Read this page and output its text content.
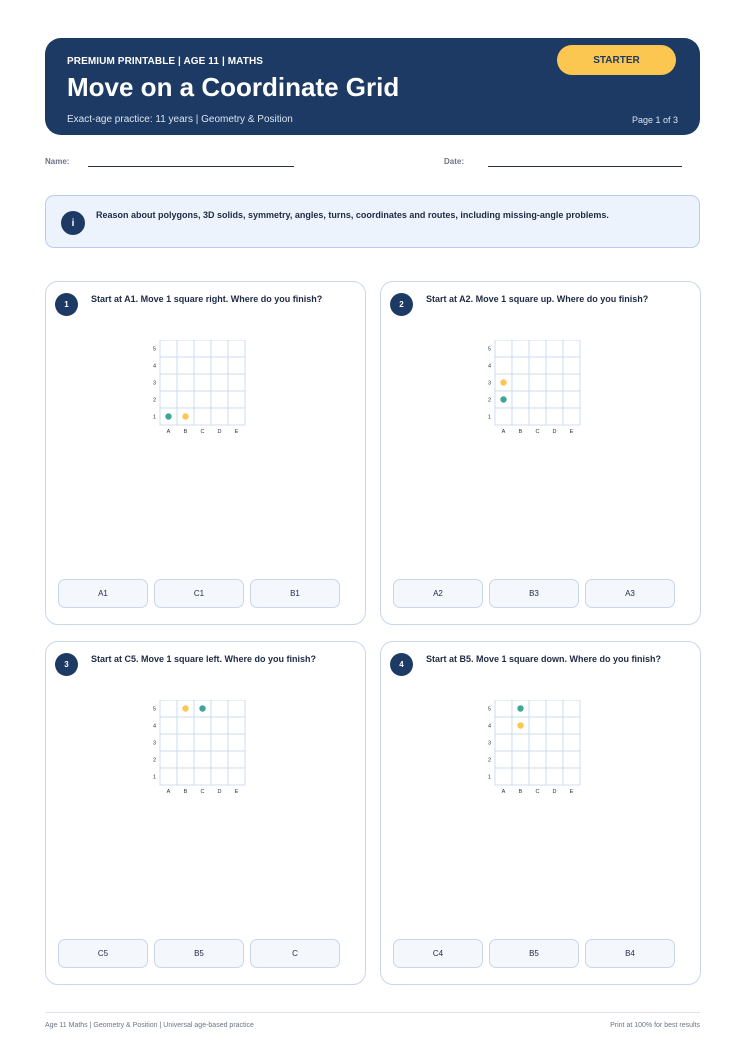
PREMIUM PRINTABLE | AGE 11 | MATHS
Move on a Coordinate Grid
Exact-age practice: 11 years | Geometry & Position	Page 1 of 3
STARTER
Name:	Date:
i
Reason about polygons, 3D solids, symmetry, angles, turns, coordinates and routes, including missing-angle problems.
1
Start at A1. Move 1 square right. Where do you finish?
5
4
3
2
1
A B C D E
A1	C1	B1
2
Start at A2. Move 1 square up. Where do you finish?
5
4
3
2
1
A B C D E
A2	B3	A3
3
Start at C5. Move 1 square left. Where do you finish?
5
4
3
2
1
A B C D E
C5	B5	C
4
Start at B5. Move 1 square down. Where do you finish?
5
4
3
2
1
A B C D E
C4	B5	B4
Age 11 Maths | Geometry & Position | Universal age-based practice	Print at 100% for best results
